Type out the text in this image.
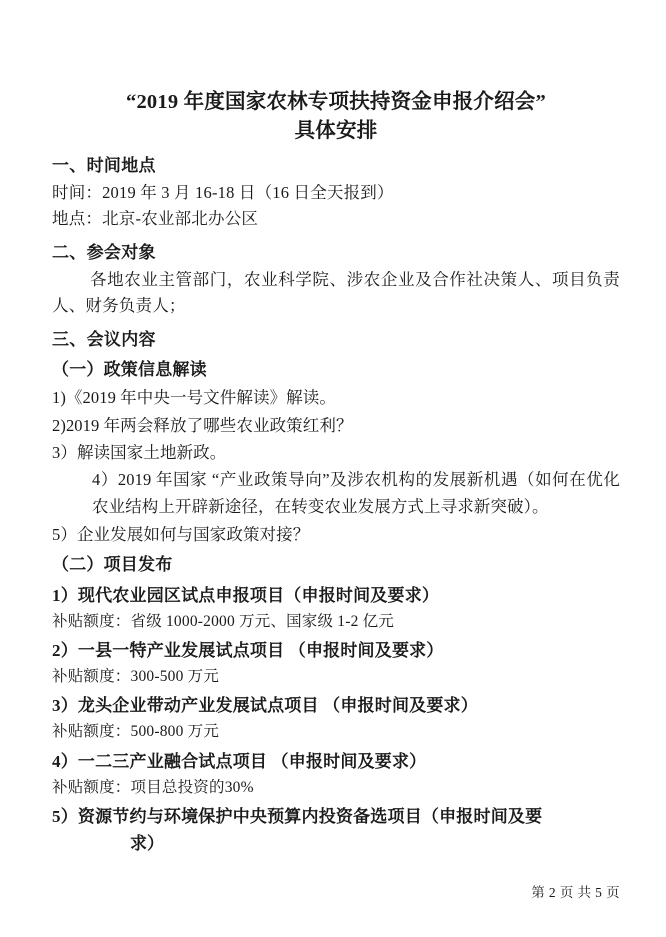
“2019 年度国家农林专项扶持资金申报介绍会”
具体安排
一、时间地点
时间：2019 年 3 月 16-18 日（16 日全天报到）
地点：北京-农业部北办公区
二、参会对象
各地农业主管部门，农业科学院、涉农企业及合作社决策人、项目负责人、财务负责人；
三、会议内容
（一）政策信息解读
1)《2019 年中央一号文件解读》解读。
2)2019 年两会释放了哪些农业政策红利？
3）解读国家土地新政。
4）2019 年国家 “产业政策导向”及涉农机构的发展新机遇（如何在优化农业结构上开辟新途径，在转变农业发展方式上寻求新突破）。
5）企业发展如何与国家政策对接？
（二）项目发布
1）现代农业园区试点申报项目（申报时间及要求）
补贴额度：省级 1000-2000 万元、国家级 1-2 亿元
2）一县一特产业发展试点项目 （申报时间及要求）
补贴额度：300-500 万元
3）龙头企业带动产业发展试点项目 （申报时间及要求）
补贴额度：500-800 万元
4）一二三产业融合试点项目 （申报时间及要求）
补贴额度：项目总投资的30%
5）资源节约与环境保护中央预算内投资备选项目（申报时间及要
求）
第 2 页 共 5 页
